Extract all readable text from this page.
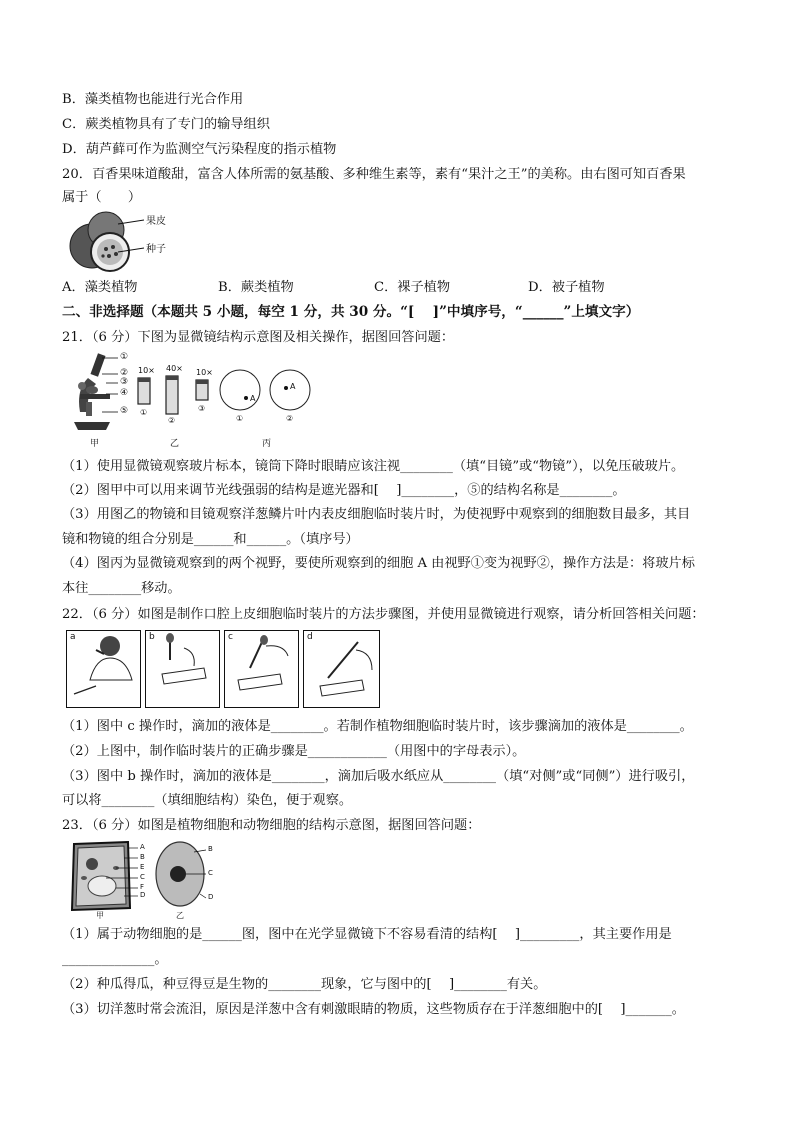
B．藻类植物也能进行光合作用
C．蕨类植物具有了专门的输导组织
D．葫芦藓可作为监测空气污染程度的指示植物
20．百香果味道酸甜，富含人体所需的氨基酸、多种维生素等，素有“果汁之王”的美称。由右图可知百香果
属于（　　）
果皮
种子
A．藻类植物	B．蕨类植物	C．裸子植物	D．被子植物
二、非选择题（本题共 5 小题，每空 1 分，共 30 分。“[　 ]”中填序号，“______”上填文字）
21．（6 分）下图为显微镜结构示意图及相关操作，据图回答问题：
①
②
③
④
⑤
10× 40× 10×
①
②
③
A
A
①	②
甲	乙	丙
（1）使用显微镜观察玻片标本，镜筒下降时眼睛应该注视________（填“目镜”或“物镜”），以免压破玻片。
（2）图甲中可以用来调节光线强弱的结构是遮光器和[　 ]________，⑤的结构名称是________。
（3）用图乙的物镜和目镜观察洋葱鳞片叶内表皮细胞临时装片时，为使视野中观察到的细胞数目最多，其目
镜和物镜的组合分别是______和______。（填序号）
（4）图丙为显微镜观察到的两个视野，要使所观察到的细胞 A 由视野①变为视野②，操作方法是：将玻片标
本往________移动。
22．（6 分）如图是制作口腔上皮细胞临时装片的方法步骤图，并使用显微镜进行观察，请分析回答相关问题：
a	b	c	d
（1）图中 c 操作时，滴加的液体是________。若制作植物细胞临时装片时，该步骤滴加的液体是________。
（2）上图中，制作临时装片的正确步骤是____________（用图中的字母表示）。
（3）图中 b 操作时，滴加的液体是________，滴加后吸水纸应从________（填“对侧”或“同侧”）进行吸引，
可以将________（填细胞结构）染色，便于观察。
23．（6 分）如图是植物细胞和动物细胞的结构示意图，据图回答问题：
A
B
E
C
F
D
B
C
D
甲	乙
（1）属于动物细胞的是______图，图中在光学显微镜下不容易看清的结构[　 ]_________，其主要作用是
______________。
（2）种瓜得瓜，种豆得豆是生物的________现象，它与图中的[　 ]________有关。
（3）切洋葱时常会流泪，原因是洋葱中含有刺激眼睛的物质，这些物质存在于洋葱细胞中的[　 ]_______。
